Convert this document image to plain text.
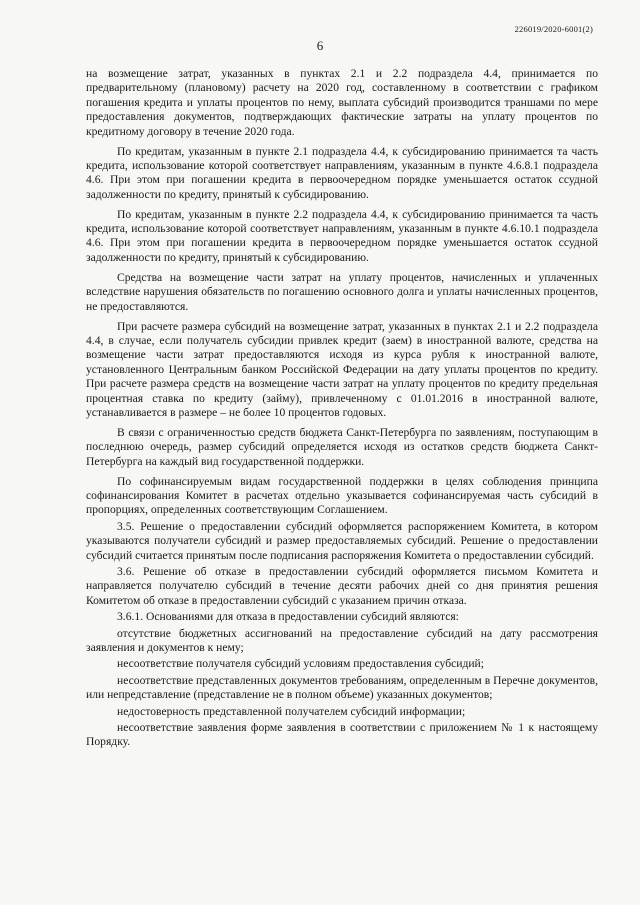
226019/2020-6001(2)
6

на возмещение затрат, указанных в пунктах 2.1 и 2.2 подраздела 4.4, принимается по предварительному (плановому) расчету на 2020 год, составленному в соответствии с графиком погашения кредита и уплаты процентов по нему, выплата субсидий производится траншами по мере предоставления документов, подтверждающих фактические затраты на уплату процентов по кредитному договору в течение 2020 года.

По кредитам, указанным в пункте 2.1 подраздела 4.4, к субсидированию принимается та часть кредита, использование которой соответствует направлениям, указанным в пункте 4.6.8.1 подраздела 4.6. При этом при погашении кредита в первоочередном порядке уменьшается остаток ссудной задолженности по кредиту, принятый к субсидированию.

По кредитам, указанным в пункте 2.2 подраздела 4.4, к субсидированию принимается та часть кредита, использование которой соответствует направлениям, указанным в пункте 4.6.10.1 подраздела 4.6. При этом при погашении кредита в первоочередном порядке уменьшается остаток ссудной задолженности по кредиту, принятый к субсидированию.

Средства на возмещение части затрат на уплату процентов, начисленных и уплаченных вследствие нарушения обязательств по погашению основного долга и уплаты начисленных процентов, не предоставляются.

При расчете размера субсидий на возмещение затрат, указанных в пунктах 2.1 и 2.2 подраздела 4.4, в случае, если получатель субсидии привлек кредит (заем) в иностранной валюте, средства на возмещение части затрат предоставляются исходя из курса рубля к иностранной валюте, установленного Центральным банком Российской Федерации на дату уплаты процентов по кредиту. При расчете размера средств на возмещение части затрат на уплату процентов по кредиту предельная процентная ставка по кредиту (займу), привлеченному с 01.01.2016 в иностранной валюте, устанавливается в размере – не более 10 процентов годовых.

В связи с ограниченностью средств бюджета Санкт-Петербурга по заявлениям, поступающим в последнюю очередь, размер субсидий определяется исходя из остатков средств бюджета Санкт-Петербурга на каждый вид государственной поддержки.

По софинансируемым видам государственной поддержки в целях соблюдения принципа софинансирования Комитет в расчетах отдельно указывается софинансируемая часть субсидий в пропорциях, определенных соответствующим Соглашением.

3.5. Решение о предоставлении субсидий оформляется распоряжением Комитета, в котором указываются получатели субсидий и размер предоставляемых субсидий. Решение о предоставлении субсидий считается принятым после подписания распоряжения Комитета о предоставлении субсидий.

3.6. Решение об отказе в предоставлении субсидий оформляется письмом Комитета и направляется получателю субсидий в течение десяти рабочих дней со дня принятия решения Комитетом об отказе в предоставлении субсидий с указанием причин отказа.

3.6.1. Основаниями для отказа в предоставлении субсидий являются:

отсутствие бюджетных ассигнований на предоставление субсидий на дату рассмотрения заявления и документов к нему;

несоответствие получателя субсидий условиям предоставления субсидий;

несоответствие представленных документов требованиям, определенным в Перечне документов, или непредставление (представление не в полном объеме) указанных документов;

недостоверность представленной получателем субсидий информации;

несоответствие заявления форме заявления в соответствии с приложением № 1 к настоящему Порядку.
